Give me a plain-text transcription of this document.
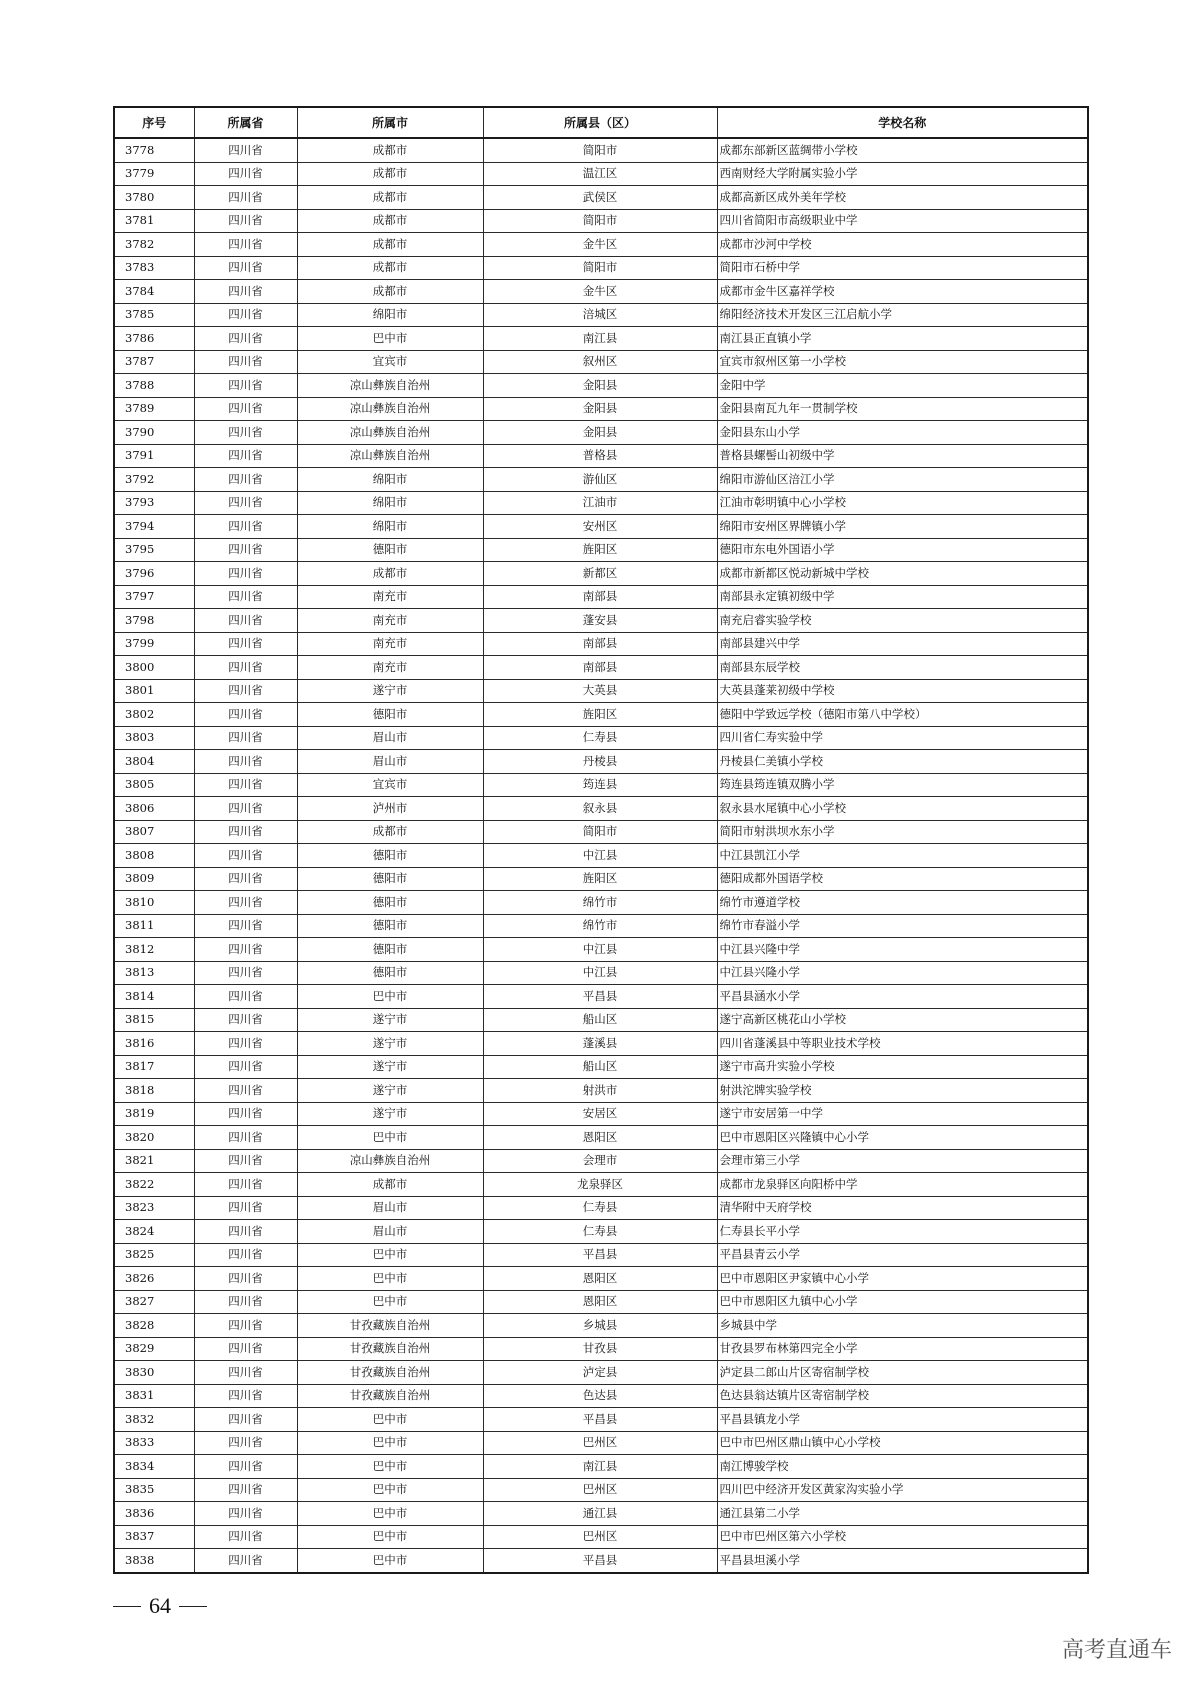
序号	所属省	所属市	所属县（区）	学校名称
3778	四川省	成都市	简阳市	成都东部新区蓝绸带小学校
3779	四川省	成都市	温江区	西南财经大学附属实验小学
3780	四川省	成都市	武侯区	成都高新区成外美年学校
3781	四川省	成都市	简阳市	四川省简阳市高级职业中学
3782	四川省	成都市	金牛区	成都市沙河中学校
3783	四川省	成都市	简阳市	简阳市石桥中学
3784	四川省	成都市	金牛区	成都市金牛区嘉祥学校
3785	四川省	绵阳市	涪城区	绵阳经济技术开发区三江启航小学
3786	四川省	巴中市	南江县	南江县正直镇小学
3787	四川省	宜宾市	叙州区	宜宾市叙州区第一小学校
3788	四川省	凉山彝族自治州	金阳县	金阳中学
3789	四川省	凉山彝族自治州	金阳县	金阳县南瓦九年一贯制学校
3790	四川省	凉山彝族自治州	金阳县	金阳县东山小学
3791	四川省	凉山彝族自治州	普格县	普格县螺髻山初级中学
3792	四川省	绵阳市	游仙区	绵阳市游仙区涪江小学
3793	四川省	绵阳市	江油市	江油市彰明镇中心小学校
3794	四川省	绵阳市	安州区	绵阳市安州区界牌镇小学
3795	四川省	德阳市	旌阳区	德阳市东电外国语小学
3796	四川省	成都市	新都区	成都市新都区悦动新城中学校
3797	四川省	南充市	南部县	南部县永定镇初级中学
3798	四川省	南充市	蓬安县	南充启睿实验学校
3799	四川省	南充市	南部县	南部县建兴中学
3800	四川省	南充市	南部县	南部县东辰学校
3801	四川省	遂宁市	大英县	大英县蓬莱初级中学校
3802	四川省	德阳市	旌阳区	德阳中学致远学校（德阳市第八中学校）
3803	四川省	眉山市	仁寿县	四川省仁寿实验中学
3804	四川省	眉山市	丹棱县	丹棱县仁美镇小学校
3805	四川省	宜宾市	筠连县	筠连县筠连镇双腾小学
3806	四川省	泸州市	叙永县	叙永县水尾镇中心小学校
3807	四川省	成都市	简阳市	简阳市射洪坝水东小学
3808	四川省	德阳市	中江县	中江县凯江小学
3809	四川省	德阳市	旌阳区	德阳成都外国语学校
3810	四川省	德阳市	绵竹市	绵竹市遵道学校
3811	四川省	德阳市	绵竹市	绵竹市春溢小学
3812	四川省	德阳市	中江县	中江县兴隆中学
3813	四川省	德阳市	中江县	中江县兴隆小学
3814	四川省	巴中市	平昌县	平昌县涵水小学
3815	四川省	遂宁市	船山区	遂宁高新区桃花山小学校
3816	四川省	遂宁市	蓬溪县	四川省蓬溪县中等职业技术学校
3817	四川省	遂宁市	船山区	遂宁市高升实验小学校
3818	四川省	遂宁市	射洪市	射洪沱牌实验学校
3819	四川省	遂宁市	安居区	遂宁市安居第一中学
3820	四川省	巴中市	恩阳区	巴中市恩阳区兴隆镇中心小学
3821	四川省	凉山彝族自治州	会理市	会理市第三小学
3822	四川省	成都市	龙泉驿区	成都市龙泉驿区向阳桥中学
3823	四川省	眉山市	仁寿县	清华附中天府学校
3824	四川省	眉山市	仁寿县	仁寿县长平小学
3825	四川省	巴中市	平昌县	平昌县青云小学
3826	四川省	巴中市	恩阳区	巴中市恩阳区尹家镇中心小学
3827	四川省	巴中市	恩阳区	巴中市恩阳区九镇中心小学
3828	四川省	甘孜藏族自治州	乡城县	乡城县中学
3829	四川省	甘孜藏族自治州	甘孜县	甘孜县罗布林第四完全小学
3830	四川省	甘孜藏族自治州	泸定县	泸定县二郎山片区寄宿制学校
3831	四川省	甘孜藏族自治州	色达县	色达县翁达镇片区寄宿制学校
3832	四川省	巴中市	平昌县	平昌县镇龙小学
3833	四川省	巴中市	巴州区	巴中市巴州区鼎山镇中心小学校
3834	四川省	巴中市	南江县	南江博骏学校
3835	四川省	巴中市	巴州区	四川巴中经济开发区黄家沟实验小学
3836	四川省	巴中市	通江县	通江县第二小学
3837	四川省	巴中市	巴州区	巴中市巴州区第六小学校
3838	四川省	巴中市	平昌县	平昌县坦溪小学
64
高考直通车
